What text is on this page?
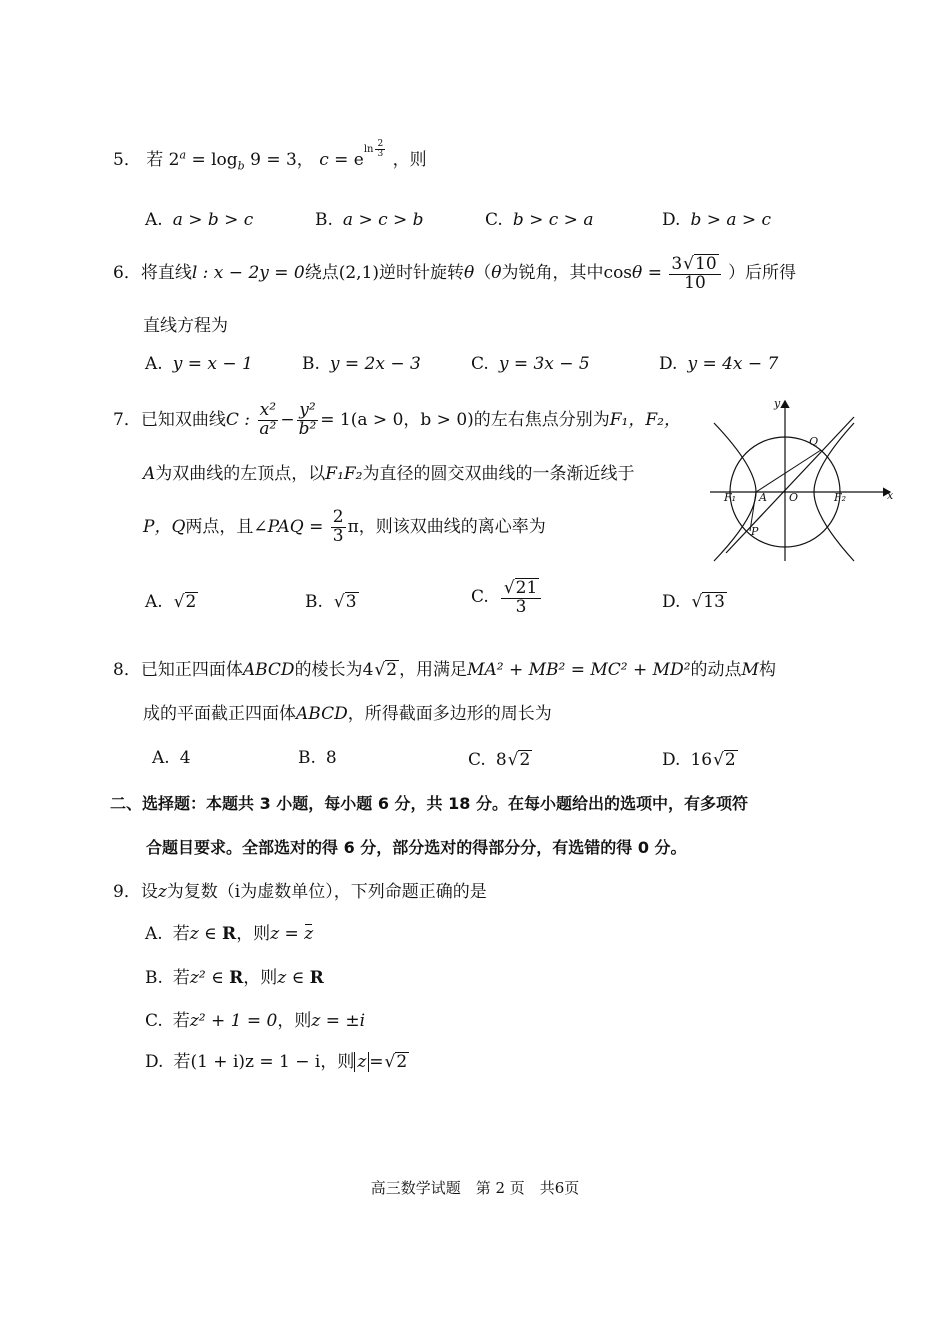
5． 若 $2^a = \log_b 9 = 3$， $c = e^{ln \frac{2}{3}}$
，则
A. a > b > c	B. a > c > b	C. b > c > a	D. b > a > c
6．将直线l : x − 2y = 0绕点(2,1)逆时针旋转θ（θ为锐角，其中$\cos\theta = \frac{3√10}{10}$ ）后所得
直线方程为
A. y = x − 1	B. y = 2x − 3	C. y = 3x − 5	D. y = 4x − 7
7．已知双曲线C : $\frac{\text{x²}}{\text{a²}} - \frac{\text{y²}}{\text{b²}} = 1(a > 0$，b > 0)的左右焦点分别为F₁，F₂，
A为双曲线的左顶点，以F₁F₂为直径的圆交双曲线的一条渐近线于
P，Q两点，且∠PAQ = $\frac{2}{3}$ π，则该双曲线的离心率为
y
x
Q
F₁ A O	F₂
P
A. √2	B. √3	C. $\frac{√21}{3}$	D. √13
8．已知正四面体ABCD的棱长为4√2 ，用满足MA² + MB² = MC² + MD²的动点M构
成的平面截正四面体ABCD，所得截面多边形的周长为
A. 4	B. 8	C. 8√2	D. 16√2
二、选择题：本题共 3 小题，每小题 6 分，共 18 分。在每小题给出的选项中，有多项符
合题目要求。全部选对的得 6 分，部分选对的得部分分，有选错的得 0 分。
9．设z为复数（i为虚数单位），下列命题正确的是
A. 若z ∈ R，则z = z
B. 若z² ∈ R，则z ∈ R
C. 若z² + 1 = 0，则z = ±i
D. 若(1 + i)z = 1 − i，则 z =√2
高三数学试题　第 2 页　共6页
